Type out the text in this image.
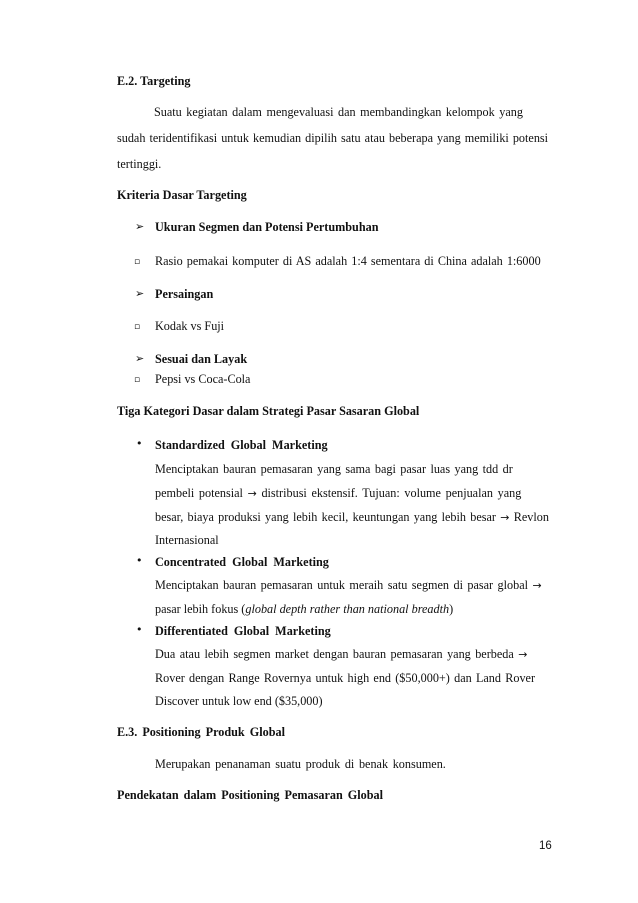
E.2. Targeting
Suatu kegiatan dalam mengevaluasi dan membandingkan kelompok yang
sudah teridentifikasi untuk kemudian dipilih satu atau beberapa yang memiliki potensi
tertinggi.
Kriteria Dasar Targeting
➢ Ukuran Segmen dan Potensi Pertumbuhan
▫ Rasio pemakai komputer di AS adalah 1:4 sementara di China adalah 1:6000
➢ Persaingan
▫ Kodak vs Fuji
➢ Sesuai dan Layak
▫ Pepsi vs Coca-Cola
Tiga Kategori Dasar dalam Strategi Pasar Sasaran Global
• Standardized Global Marketing
Menciptakan bauran pemasaran yang sama bagi pasar luas yang tdd dr
pembeli potensial → distribusi ekstensif. Tujuan: volume penjualan yang
besar, biaya produksi yang lebih kecil, keuntungan yang lebih besar → Revlon
Internasional
• Concentrated Global Marketing
Menciptakan bauran pemasaran untuk meraih satu segmen di pasar global →
pasar lebih fokus (global depth rather than national breadth)
• Differentiated Global Marketing
Dua atau lebih segmen market dengan bauran pemasaran yang berbeda →
Rover dengan Range Rovernya untuk high end ($50,000+) dan Land Rover
Discover untuk low end ($35,000)
E.3. Positioning Produk Global
Merupakan penanaman suatu produk di benak konsumen.
Pendekatan dalam Positioning Pemasaran Global
16
